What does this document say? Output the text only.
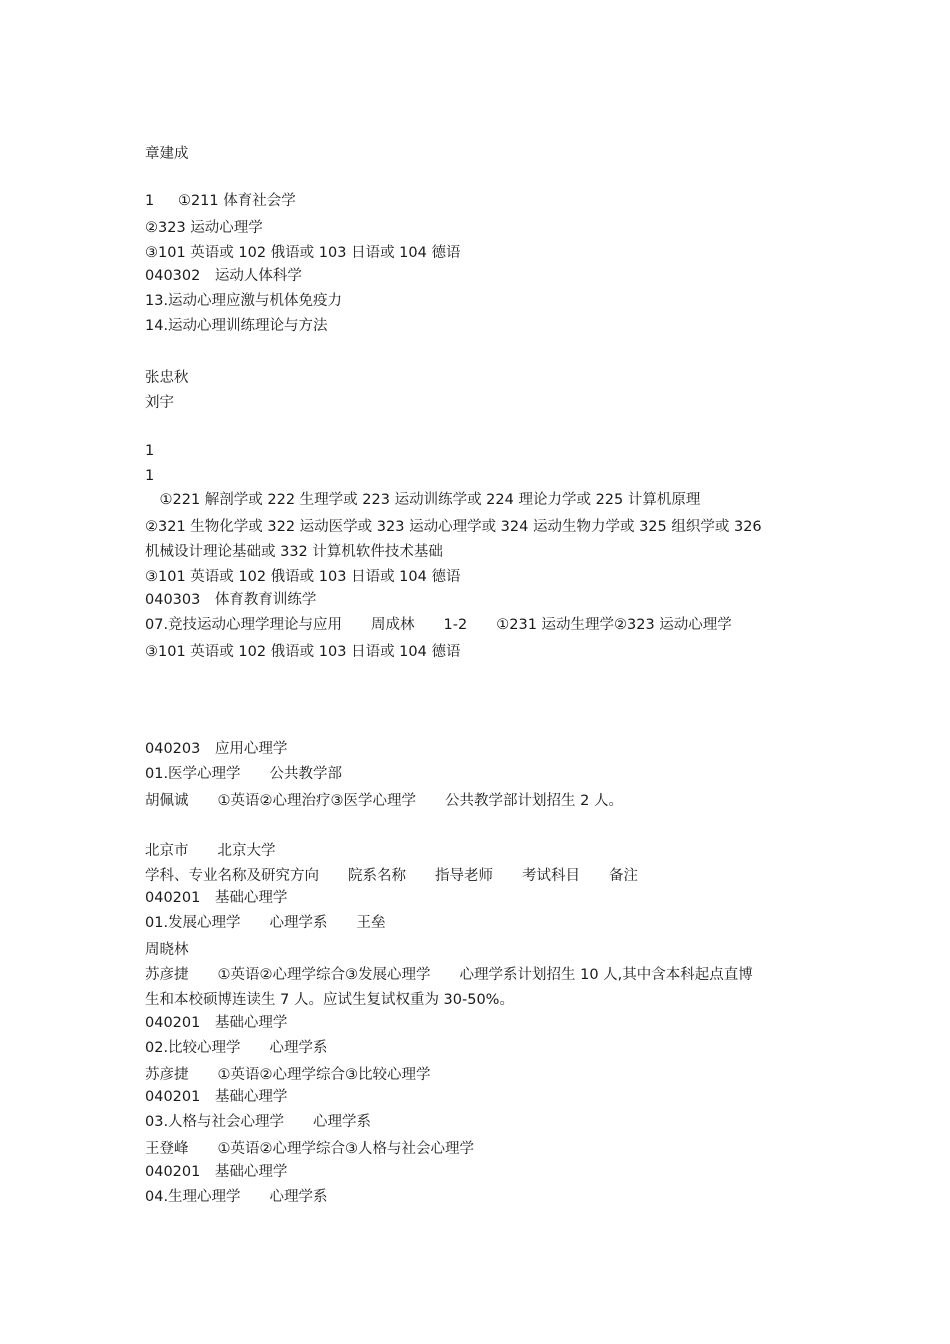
章建成
1　  ①211 体育社会学
②323 运动心理学
③101 英语或 102 俄语或 103 日语或 104 德语
040302　运动人体科学
13.运动心理应激与机体免疫力
14.运动心理训练理论与方法
张忠秋
刘宇
1
1
　①221 解剖学或 222 生理学或 223 运动训练学或 224 理论力学或 225 计算机原理
②321 生物化学或 322 运动医学或 323 运动心理学或 324 运动生物力学或 325 组织学或 326
机械设计理论基础或 332 计算机软件技术基础
③101 英语或 102 俄语或 103 日语或 104 德语
040303　体育教育训练学
07.竞技运动心理学理论与应用　　周成林　　1-2　　①231 运动生理学②323 运动心理学
③101 英语或 102 俄语或 103 日语或 104 德语
040203　应用心理学
01.医学心理学　　公共教学部
胡佩诚　　①英语②心理治疗③医学心理学　　公共教学部计划招生 2 人。
北京市　　北京大学
学科、专业名称及研究方向　　院系名称　　指导老师　　考试科目　　备注
040201　基础心理学
01.发展心理学　　心理学系　　王垒
周晓林
苏彦捷　　①英语②心理学综合③发展心理学　　心理学系计划招生 10 人,其中含本科起点直博
生和本校硕博连读生 7 人。应试生复试权重为 30-50%。
040201　基础心理学
02.比较心理学　　心理学系
苏彦捷　　①英语②心理学综合③比较心理学
040201　基础心理学
03.人格与社会心理学　　心理学系
王登峰　　①英语②心理学综合③人格与社会心理学
040201　基础心理学
04.生理心理学　　心理学系
